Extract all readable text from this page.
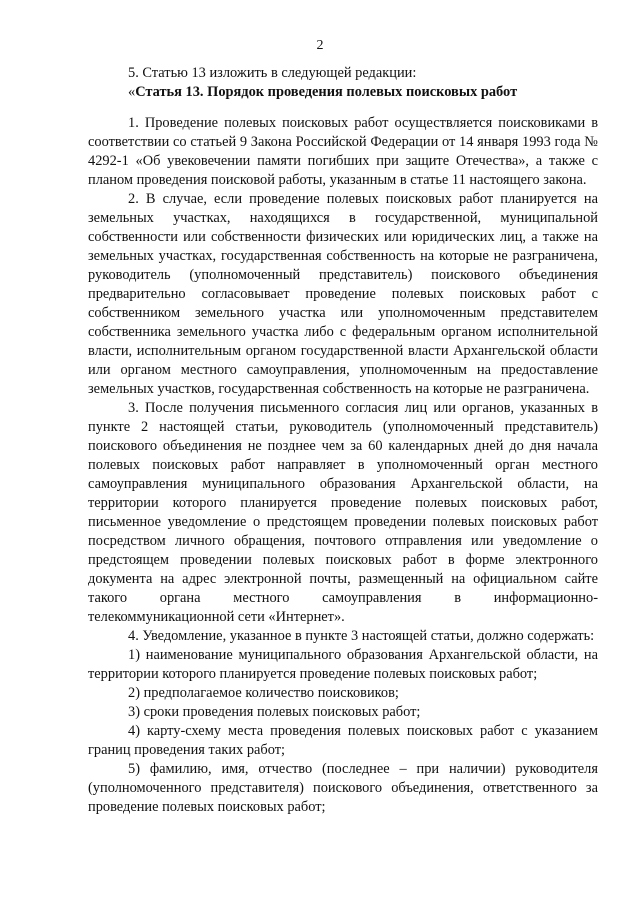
2

5. Статью 13 изложить в следующей редакции:

«Статья 13. Порядок проведения полевых поисковых работ

1. Проведение полевых поисковых работ осуществляется поисковиками в соответствии со статьей 9 Закона Российской Федерации от 14 января 1993 года № 4292-1 «Об увековечении памяти погибших при защите Отечества», а также с планом проведения поисковой работы, указанным в статье 11 настоящего закона.

2. В случае, если проведение полевых поисковых работ планируется на земельных участках, находящихся в государственной, муниципальной собственности или собственности физических или юридических лиц, а также на земельных участках, государственная собственность на которые не разграничена, руководитель (уполномоченный представитель) поискового объединения предварительно согласовывает проведение полевых поисковых работ с собственником земельного участка или уполномоченным представителем собственника земельного участка либо с федеральным органом исполнительной власти, исполнительным органом государственной власти Архангельской области или органом местного самоуправления, уполномоченным на предоставление земельных участков, государственная собственность на которые не разграничена.

3. После получения письменного согласия лиц или органов, указанных в пункте 2 настоящей статьи, руководитель (уполномоченный представитель) поискового объединения не позднее чем за 60 календарных дней до дня начала полевых поисковых работ направляет в уполномоченный орган местного самоуправления муниципального образования Архангельской области, на территории которого планируется проведение полевых поисковых работ, письменное уведомление о предстоящем проведении полевых поисковых работ посредством личного обращения, почтового отправления или уведомление о предстоящем проведении полевых поисковых работ в форме электронного документа на адрес электронной почты, размещенный на официальном сайте такого органа местного самоуправления в информационно-телекоммуникационной сети «Интернет».

4. Уведомление, указанное в пункте 3 настоящей статьи, должно содержать:

1) наименование муниципального образования Архангельской области, на территории которого планируется проведение полевых поисковых работ;

2) предполагаемое количество поисковиков;

3) сроки проведения полевых поисковых работ;

4) карту-схему места проведения полевых поисковых работ с указанием границ проведения таких работ;

5) фамилию, имя, отчество (последнее – при наличии) руководителя (уполномоченного представителя) поискового объединения, ответственного за проведение полевых поисковых работ;
